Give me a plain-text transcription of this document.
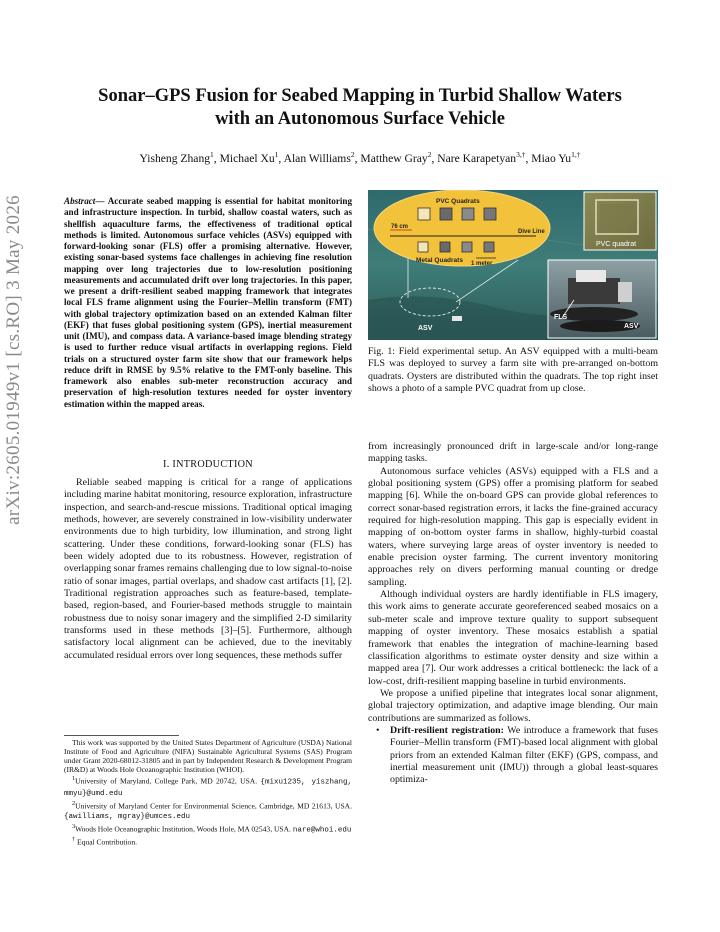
arXiv:2605.01949v1 [cs.RO] 3 May 2026
Sonar–GPS Fusion for Seabed Mapping in Turbid Shallow Waters
with an Autonomous Surface Vehicle
Yisheng Zhang$^1$, Michael Xu$^1$, Alan Williams$^2$, Matthew Gray$^2$, Nare Karapetyan$^{3,\dagger}$, Miao $Yu^{1,\dagger}$
Abstract— Accurate seabed mapping is essential for habitat monitoring and infrastructure inspection. In turbid, shallow coastal waters, such as shellfish aquaculture farms, the effectiveness of traditional optical methods is limited. Autonomous surface vehicles (ASVs) equipped with forward-looking sonar (FLS) offer a promising alternative. However, existing sonar-based systems face challenges in achieving fine resolution mapping over long trajectories due to low-resolution positioning measurements and accumulated drift over long trajectories. In this paper, we present a drift-resilient seabed mapping framework that integrates local FLS frame alignment using the Fourier–Mellin transform (FMT) with global trajectory optimization based on an extended Kalman filter (EKF) that fuses global positioning system (GPS), inertial measurement unit (IMU), and compass data. A variance-based image blending strategy is used to further reduce visual artifacts in overlapping regions. Field trials on a structured oyster farm site show that our framework helps reduce drift in RMSE by 9.5% relative to the FMT-only baseline. This framework also enables sub-meter reconstruction accuracy and preservation of high-resolution textures needed for oyster inventory estimation within the mapped areas.
I. INTRODUCTION

Reliable seabed mapping is critical for a range of applications including marine habitat monitoring, resource exploration, infrastructure inspection, and search-and-rescue missions. Traditional optical imaging methods, however, are severely constrained in low-visibility underwater environments due to high turbidity, low illumination, and strong light scattering. Under these conditions, forward-looking sonar (FLS) has been widely adopted due to its robustness. However, registration of overlapping sonar frames remains challenging due to low signal-to-noise ratio of sonar images, partial overlaps, and shadow cast artifacts [1], [2]. Traditional registration approaches such as feature-based, template-based, region-based, and Fourier-based methods struggle to maintain robustness due to noisy sonar imagery and the simplified 2-D similarity transforms used in these methods [3]–[5]. Furthermore, although satisfactory local alignment can be achieved, due to the inevitably accumulated residual errors over long sequences, these methods suffer

This work was supported by the United States Department of Agriculture (USDA) National Institute of Food and Agriculture (NIFA) Sustainable Agricultural Systems (SAS) Program under Grant 2020-68012-31805 and in part by Independent Research & Development Program (IR&D) at Woods Hole Oceanographic Institution (WHOI).

$^1$University of Maryland, College Park, MD 20742, USA. {mixu1235, yiszhang, mmyu}@umd.edu

$^2$University of Maryland Center for Environmental Science, Cambridge, MD 21613, USA. {awilliams, mgray}@umces.edu

$^3$Woods Hole Oceanographic Institution, Woods Hole, MA 02543, USA. nare@whoi.edu

† Equal Contribution.

PVC quadrat
FLS
ASV
PVC Quadrats
76 cm
Dive Line
Metal Quadrats 1 meter
ASV
Fig. 1: Field experimental setup. An ASV equipped with a multi-beam FLS was deployed to survey a farm site with pre-arranged on-bottom quadrats. Oysters are distributed within the quadrats. The top right inset shows a photo of a sample PVC quadrat from up close.

from increasingly pronounced drift in large-scale and/or long-range mapping tasks.

Autonomous surface vehicles (ASVs) equipped with a FLS and a global positioning system (GPS) offer a promising platform for seabed mapping [6]. While the on-board GPS can provide global references to correct sonar-based registration errors, it lacks the fine-grained accuracy required for high-resolution mapping. This gap is especially evident in mapping of on-bottom oyster farms in shallow, highly-turbid coastal waters, where surveying large areas of oyster inventory is needed to enable precision oyster farming. The current inventory monitoring approaches rely on divers performing manual counting or dredge sampling.

Although individual oysters are hardly identifiable in FLS imagery, this work aims to generate accurate georeferenced seabed mosaics on a sub-meter scale and improve texture quality to support subsequent mapping of oyster inventory. These mosaics establish a spatial framework that enables the integration of machine-learning based classification algorithms to estimate oyster density and size within a mapped area [7]. Our work addresses a critical bottleneck: the lack of a low-cost, drift-resilient mapping baseline in turbid environments.

We propose a unified pipeline that integrates local sonar alignment, global trajectory optimization, and adaptive image blending. Our main contributions are summarized as follows.

• Drift-resilient registration: We introduce a framework that fuses Fourier–Mellin transform (FMT)-based local alignment with global priors from an extended Kalman filter (EKF) (GPS, compass, and inertial measurement unit (IMU)) through a global least-squares optimiza-
